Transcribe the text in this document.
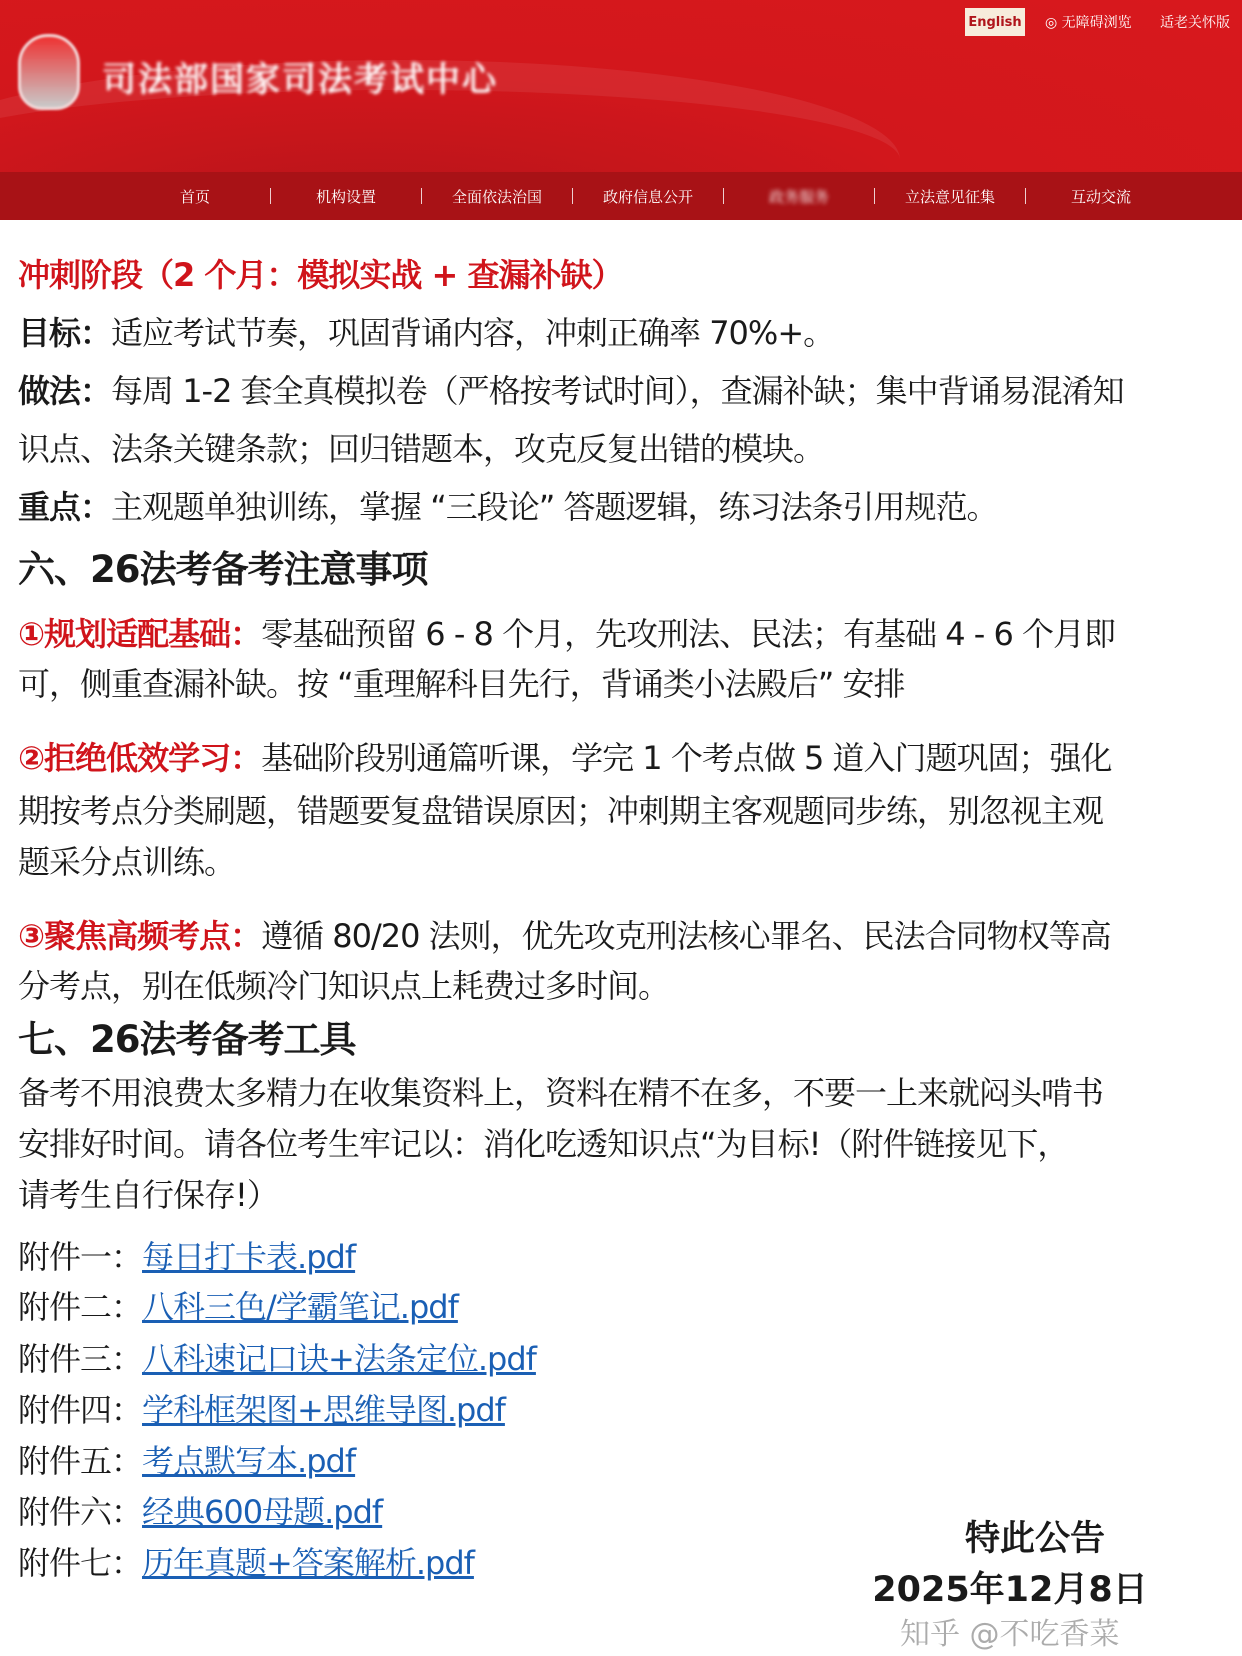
司法部国家司法考试中心
English ◎ 无障碍浏览 适老关怀版
首页	机构设置	全面依法治国	政府信息公开	政务服务	立法意见征集	互动交流
冲刺阶段（2 个月：模拟实战 + 查漏补缺）
目标：适应考试节奏，巩固背诵内容，冲刺正确率 70%+。
做法：每周 1-2 套全真模拟卷（严格按考试时间），查漏补缺；集中背诵易混淆知
识点、法条关键条款；回归错题本，攻克反复出错的模块。
重点：主观题单独训练，掌握 “三段论” 答题逻辑，练习法条引用规范。
六、26法考备考注意事项
①规划适配基础：零基础预留 6 - 8 个月，先攻刑法、民法；有基础 4 - 6 个月即
可，侧重查漏补缺。按 “重理解科目先行，背诵类小法殿后” 安排
②拒绝低效学习：基础阶段别通篇听课，学完 1 个考点做 5 道入门题巩固；强化
期按考点分类刷题，错题要复盘错误原因；冲刺期主客观题同步练，别忽视主观
题采分点训练。
③聚焦高频考点：遵循 80/20 法则，优先攻克刑法核心罪名、民法合同物权等高
分考点，别在低频冷门知识点上耗费过多时间。
七、26法考备考工具
备考不用浪费太多精力在收集资料上，资料在精不在多，不要一上来就闷头啃书
安排好时间。请各位考生牢记以：消化吃透知识点“为目标!（附件链接见下，
请考生自行保存!）
附件一：每日打卡表.pdf
附件二：八科三色/学霸笔记.pdf
附件三：八科速记口诀+法条定位.pdf
附件四：学科框架图+思维导图.pdf
附件五：考点默写本.pdf
附件六：经典600母题.pdf
附件七：历年真题+答案解析.pdf
特此公告
2025年12月8日
知乎 @不吃香菜
